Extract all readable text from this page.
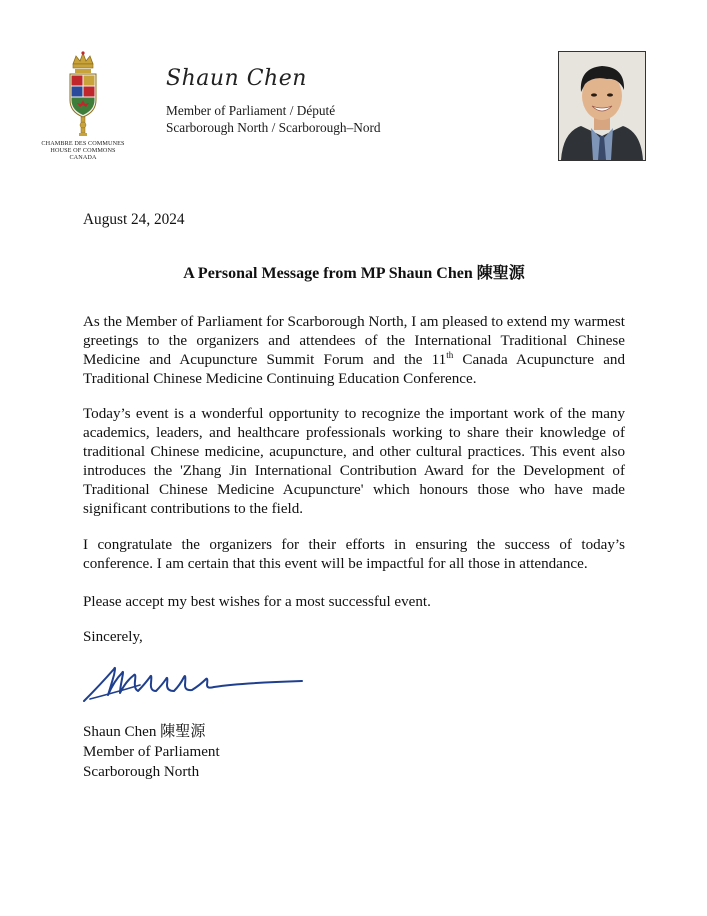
CHAMBRE DES COMMUNES
HOUSE OF COMMONS
CANADA
Shaun Chen
Member of Parliament / Député
Scarborough North / Scarborough–Nord
August 24, 2024
A Personal Message from MP Shaun Chen 陳聖源
As the Member of Parliament for Scarborough North, I am pleased to extend my warmest greetings to the organizers and attendees of the International Traditional Chinese Medicine and Acupuncture Summit Forum and the 11th Canada Acupuncture and Traditional Chinese Medicine Continuing Education Conference.
Today’s event is a wonderful opportunity to recognize the important work of the many academics, leaders, and healthcare professionals working to share their knowledge of traditional Chinese medicine, acupuncture, and other cultural practices. This event also introduces the 'Zhang Jin International Contribution Award for the Development of Traditional Chinese Medicine Acupuncture' which honours those who have made significant contributions to the field.
I congratulate the organizers for their efforts in ensuring the success of today’s conference. I am certain that this event will be impactful for all those in attendance.
Please accept my best wishes for a most successful event.
Sincerely,
Shaun Chen 陳聖源
Member of Parliament
Scarborough North
